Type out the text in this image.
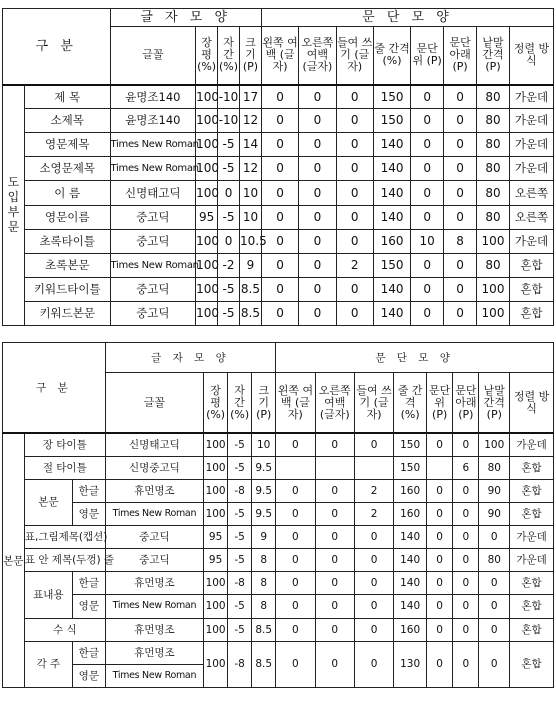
구 분		글 자 모 양				문 단 모 양							
		글꼴	장 평 (%)	자 간 (%)	크 기 (P)	왼쪽 여백 (글자)	오른쪽 여백 (글자)	들여 쓰기 (글자)	줄 간격 (%)	문단 위 (P)	문단 아래 (P)	낱말 간격 (P)	정렬 방식
도입부문	제 목	윤명조140	100	-10	17	0	0	0	150	0	0	80	가운데
	소제목	윤명조140	100	-10	12	0	0	0	150	0	0	80	가운데
	영문제목	Times New Roman	100	-5	14	0	0	0	140	0	0	80	가운데
	소영문제목	Times New Roman	100	-5	12	0	0	0	140	0	0	80	가운데
	이 름	신명태고딕	100	0	10	0	0	0	140	0	0	80	오른쪽
	영문이름	중고딕	95	-5	10	0	0	0	140	0	0	80	오른쪽
	초록타이틀	중고딕	100	0	10.5	0	0	0	160	10	8	100	가운데
	초록본문	Times New Roman	100	-2	9	0	0	2	150	0	0	80	혼합
	키워드타이틀	중고딕	100	-5	8.5	0	0	0	140	0	0	100	혼합
	키워드본문	중고딕	100	-5	8.5	0	0	0	140	0	0	100	혼합
구 분			글 자 모 양				문 단 모 양							
			글꼴	장 평 (%)	자 간 (%)	크 기 (P)	왼쪽 여백 (글자)	오른쪽 여백 (글자)	들여 쓰기 (글자)	줄 간격 (%)	문단 위 (P)	문단 아래 (P)	낱말 간격 (P)	정렬 방식
본문	장 타이틀		신명태고딕	100	-5	10	0	0	0	150	0	0	100	가운데
	절 타이틀		신명중고딕	100	-5	9.5				150		6	80	혼합
	본문	한글	휴먼명조	100	-8	9.5	0	0	2	160	0	0	90	혼합
		영문	Times New Roman	100	-5	9.5	0	0	2	160	0	0	90	혼합
	표,그림제목(캡션)		중고딕	95	-5	9	0	0	0	140	0	0	0	가운데
	표 안 제목(두껑) 줄		중고딕	95	-5	8	0	0	0	140	0	0	80	가운데
	표내용	한글	휴먼명조	100	-8	8	0	0	0	140	0	0	0	혼합
		영문	Times New Roman	100	-5	8	0	0	0	140	0	0	0	혼합
	수 식		휴먼명조	100	-5	8.5	0	0	0	160	0	0	0	혼합
	각 주	한글	휴먼명조	100	-8	8.5	0	0	0	130	0	0	0	혼합
		영문	Times New Roman											
